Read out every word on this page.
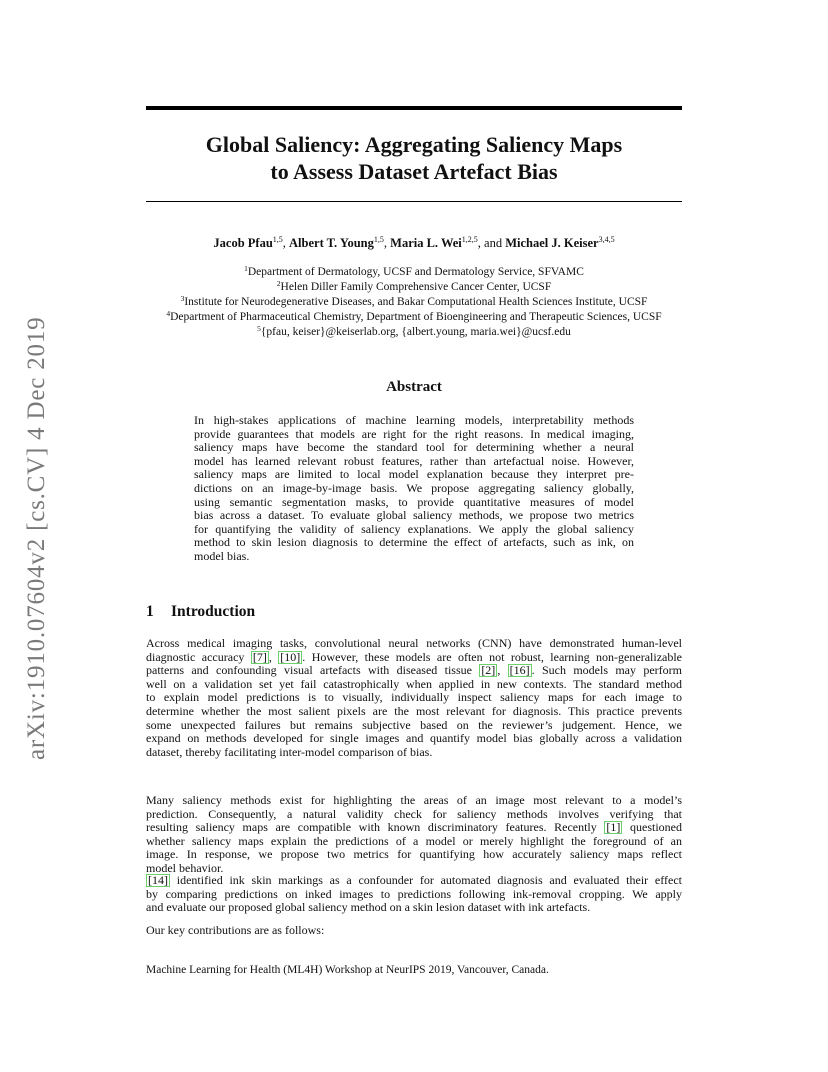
arXiv:1910.07604v2 [cs.CV] 4 Dec 2019
Global Saliency: Aggregating Saliency Maps
to Assess Dataset Artefact Bias
Jacob Pfau$^{1,5}$, Albert T. Young$^{1,5}$, Maria L. Wei$^{1,2,5}$, and Michael J. Keiser$^{3,4,5}$
$^1$Department of Dermatology, UCSF and Dermatology Service, SFVAMC
$^2$Helen Diller Family Comprehensive Cancer Center, UCSF
$^3$Institute for Neurodegenerative Diseases, and Bakar Computational Health Sciences Institute, UCSF
$^4$Department of Pharmaceutical Chemistry, Department of Bioengineering and Therapeutic Sciences, UCSF
$^5${pfau, keiser}@keiserlab.org, {albert.young, maria.wei}@ucsf.edu
Abstract

In high-stakes applications of machine learning models, interpretability methods
provide guarantees that models are right for the right reasons. In medical imaging,
saliency maps have become the standard tool for determining whether a neural
model has learned relevant robust features, rather than artefactual noise. However,
saliency maps are limited to local model explanation because they interpret pre-
dictions on an image-by-image basis. We propose aggregating saliency globally,
using semantic segmentation masks, to provide quantitative measures of model
bias across a dataset. To evaluate global saliency methods, we propose two metrics
for quantifying the validity of saliency explanations. We apply the global saliency
method to skin lesion diagnosis to determine the effect of artefacts, such as ink, on
model bias.

1 Introduction

Across medical imaging tasks, convolutional neural networks (CNN) have demonstrated human-level
diagnostic accuracy [7] , [10] . However, these models are often not robust, learning non-generalizable
patterns and confounding visual artefacts with diseased tissue [2] , [16] . Such models may perform
well on a validation set yet fail catastrophically when applied in new contexts. The standard method
to explain model predictions is to visually, individually inspect saliency maps for each image to
determine whether the most salient pixels are the most relevant for diagnosis. This practice prevents
some unexpected failures but remains subjective based on the reviewer’s judgement. Hence, we
expand on methods developed for single images and quantify model bias globally across a validation
dataset, thereby facilitating inter-model comparison of bias.

Many saliency methods exist for highlighting the areas of an image most relevant to a model’s
prediction. Consequently, a natural validity check for saliency methods involves verifying that
resulting saliency maps are compatible with known discriminatory features. Recently [1] questioned
whether saliency maps explain the predictions of a model or merely highlight the foreground of an
image. In response, we propose two metrics for quantifying how accurately saliency maps reflect
model behavior.

[14] identified ink skin markings as a confounder for automated diagnosis and evaluated their effect
by comparing predictions on inked images to predictions following ink-removal cropping. We apply
and evaluate our proposed global saliency method on a skin lesion dataset with ink artefacts.

Our key contributions are as follows:

Machine Learning for Health (ML4H) Workshop at NeurIPS 2019, Vancouver, Canada.
